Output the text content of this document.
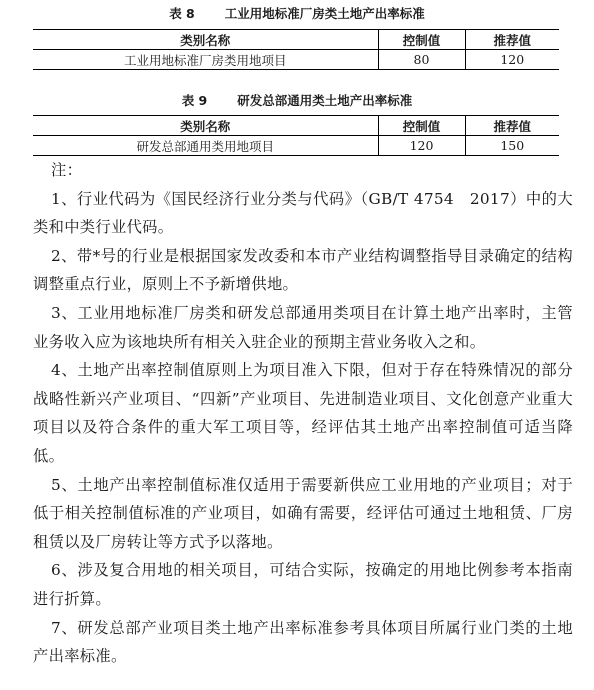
表 8 工业用地标准厂房类土地产出率标准
类别名称	控制值	推荐值
工业用地标准厂房类用地项目	80	120
表 9 研发总部通用类土地产出率标准
类别名称	控制值	推荐值
研发总部通用类用地项目	120	150

注：

1、行业代码为《国民经济行业分类与代码》（GB/T 4754　2017）中的大类和中类行业代码。

2、带*号的行业是根据国家发改委和本市产业结构调整指导目录确定的结构调整重点行业，原则上不予新增供地。

3、工业用地标准厂房类和研发总部通用类项目在计算土地产出率时，主管业务收入应为该地块所有相关入驻企业的预期主营业务收入之和。

4、土地产出率控制值原则上为项目准入下限，但对于存在特殊情况的部分战略性新兴产业项目、“四新”产业项目、先进制造业项目、文化创意产业重大项目以及符合条件的重大军工项目等，经评估其土地产出率控制值可适当降低。

5、土地产出率控制值标准仅适用于需要新供应工业用地的产业项目；对于低于相关控制值标准的产业项目，如确有需要，经评估可通过土地租赁、厂房租赁以及厂房转让等方式予以落地。

6、涉及复合用地的相关项目，可结合实际，按确定的用地比例参考本指南进行折算。

7、研发总部产业项目类土地产出率标准参考具体项目所属行业门类的土地产出率标准。
